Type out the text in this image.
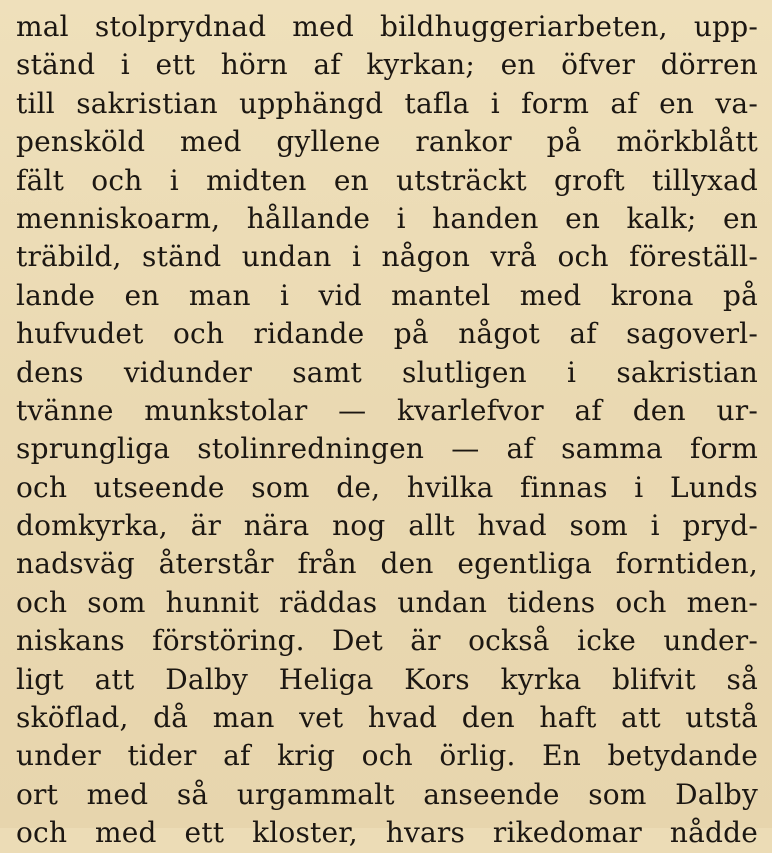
mal stolprydnad med bildhuggeriarbeten, upp-
ständ i ett hörn af kyrkan; en öfver dörren
till sakristian upphängd tafla i form af en va-
pensköld med gyllene rankor på mörkblått
fält och i midten en utsträckt groft tillyxad
menniskoarm, hållande i handen en kalk; en
träbild, ständ undan i någon vrå och föreställ-
lande en man i vid mantel med krona på
hufvudet och ridande på något af sagoverl-
dens vidunder samt slutligen i sakristian
tvänne munkstolar — kvarlefvor af den ur-
sprungliga stolinredningen — af samma form
och utseende som de, hvilka finnas i Lunds
domkyrka, är nära nog allt hvad som i pryd-
nadsväg återstår från den egentliga forntiden,
och som hunnit räddas undan tidens och men-
niskans förstöring. Det är också icke under-
ligt att Dalby Heliga Kors kyrka blifvit så
sköflad, då man vet hvad den haft att utstå
under tider af krig och örlig. En betydande
ort med så urgammalt anseende som Dalby
och med ett kloster, hvars rikedomar nådde
